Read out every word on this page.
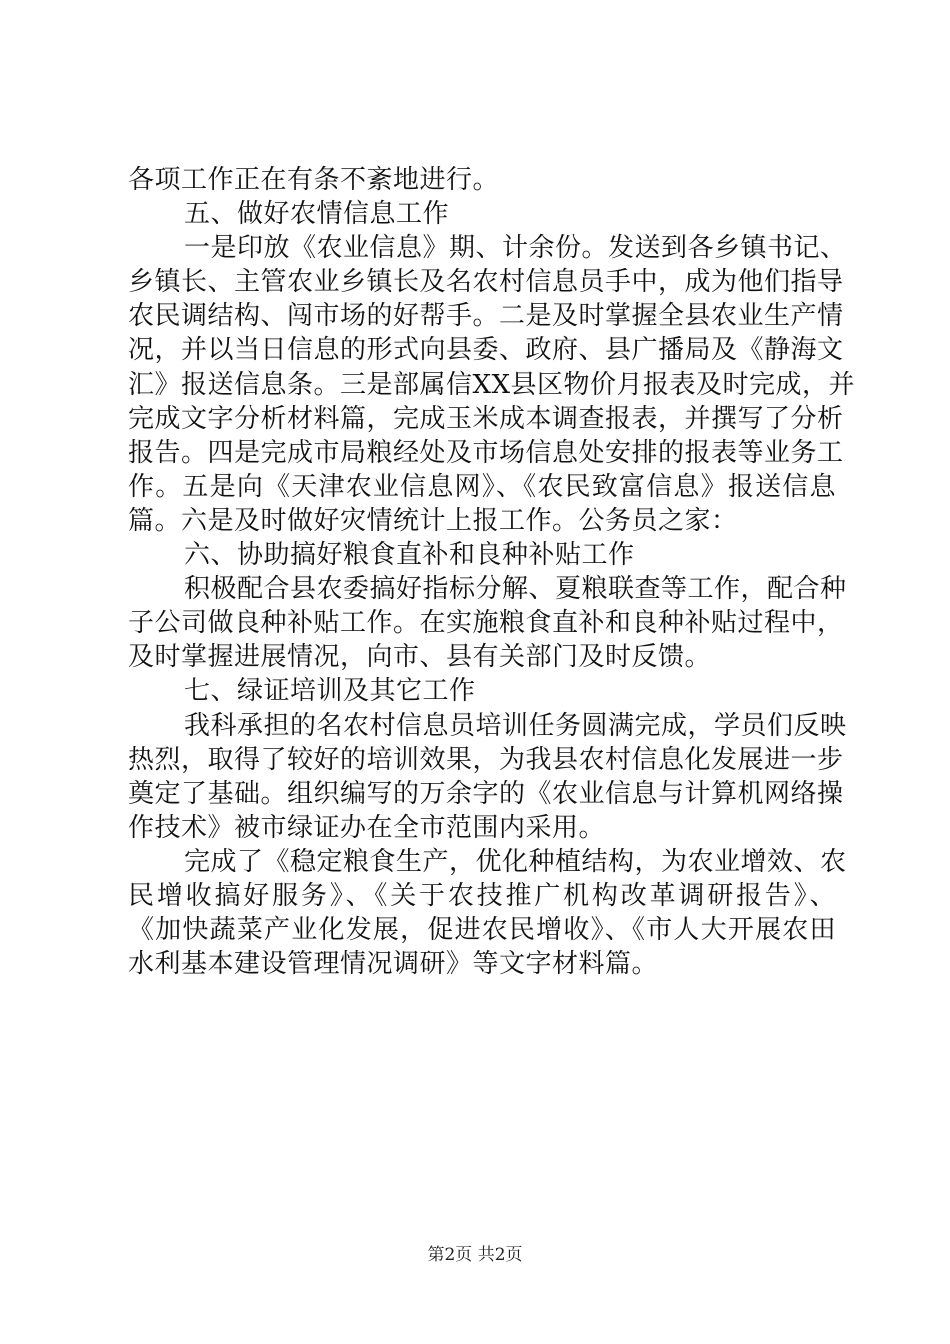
各项工作正在有条不紊地进行。
五、做好农情信息工作
一是印放《农业信息》期、计余份。发送到各乡镇书记、
乡镇长、主管农业乡镇长及名农村信息员手中，成为他们指导
农民调结构、闯市场的好帮手。二是及时掌握全县农业生产情
况，并以当日信息的形式向县委、政府、县广播局及《静海文
汇》报送信息条。三是部属信XX县区物价月报表及时完成，并
完成文字分析材料篇，完成玉米成本调查报表，并撰写了分析
报告。四是完成市局粮经处及市场信息处安排的报表等业务工
作。五是向《天津农业信息网》、《农民致富信息》报送信息
篇。六是及时做好灾情统计上报工作。公务员之家：
六、协助搞好粮食直补和良种补贴工作
积极配合县农委搞好指标分解、夏粮联查等工作，配合种
子公司做良种补贴工作。在实施粮食直补和良种补贴过程中，
及时掌握进展情况，向市、县有关部门及时反馈。
七、绿证培训及其它工作
我科承担的名农村信息员培训任务圆满完成，学员们反映
热烈，取得了较好的培训效果，为我县农村信息化发展进一步
奠定了基础。组织编写的万余字的《农业信息与计算机网络操
作技术》被市绿证办在全市范围内采用。
完成了《稳定粮食生产，优化种植结构，为农业增效、农
民增收搞好服务》、《关于农技推广机构改革调研报告》、
《加快蔬菜产业化发展，促进农民增收》、《市人大开展农田
水利基本建设管理情况调研》等文字材料篇。
第2页 共2页
